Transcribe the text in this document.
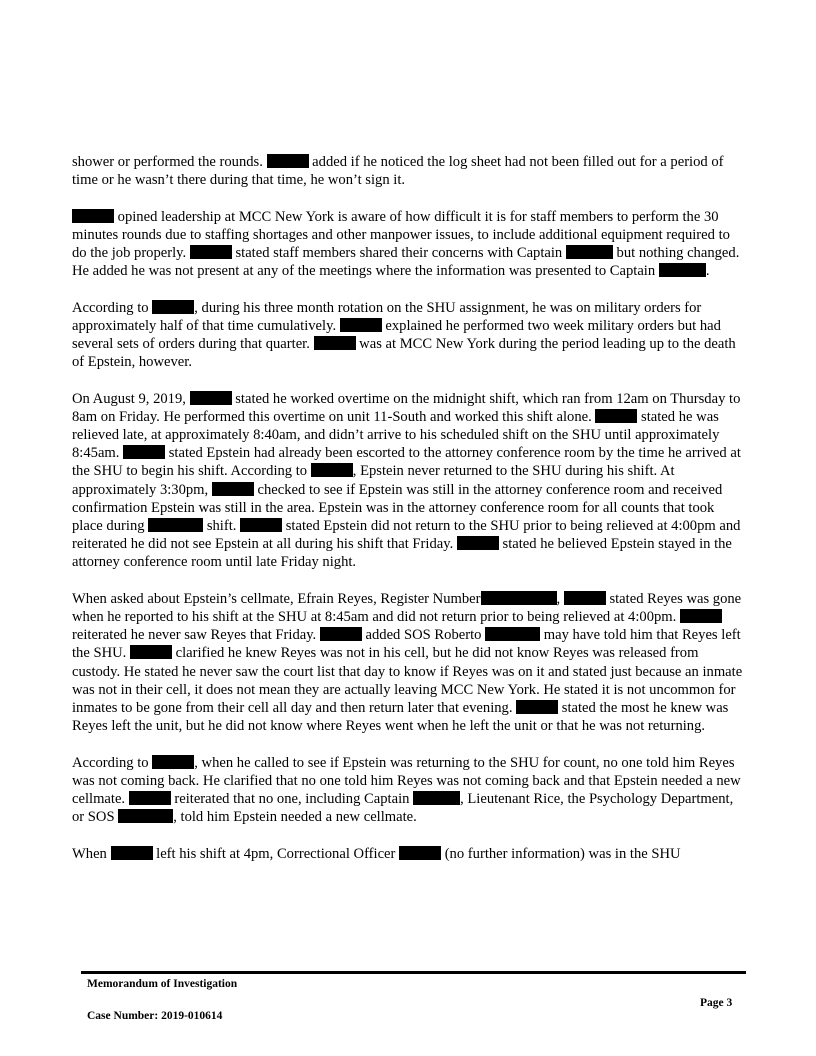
shower or performed the rounds.	added if he noticed the log sheet had not been filled out for a period of time or he wasn’t there during that time, he won’t sign it.

opined leadership at MCC New York is aware of how difficult it is for staff members to perform the 30 minutes rounds due to staffing shortages and other manpower issues, to include additional equipment required to do the job properly.	stated staff members shared their concerns with Captain	but nothing changed. He added he was not present at any of the meetings where the information was presented to Captain	.

According to	, during his three month rotation on the SHU assignment, he was on military orders for approximately half of that time cumulatively.	explained he performed two week military orders but had several sets of orders during that quarter.	was at MCC New York during the period leading up to the death of Epstein, however.

On August 9, 2019,	stated he worked overtime on the midnight shift, which ran from 12am on Thursday to 8am on Friday. He performed this overtime on unit 11-South and worked this shift alone.	stated he was relieved late, at approximately 8:40am, and didn’t arrive to his scheduled shift on the SHU until approximately 8:45am.	stated Epstein had already been escorted to the attorney conference room by the time he arrived at the SHU to begin his shift. According to	, Epstein never returned to the SHU during his shift. At approximately 3:30pm,	checked to see if Epstein was still in the attorney conference room and received confirmation Epstein was still in the area. Epstein was in the attorney conference room for all counts that took place during	shift.	stated Epstein did not return to the SHU prior to being relieved at 4:00pm and reiterated he did not see Epstein at all during his shift that Friday.	stated he believed Epstein stayed in the attorney conference room until late Friday night.

When asked about Epstein’s cellmate, Efrain Reyes, Register Number	,	stated Reyes was gone when he reported to his shift at the SHU at 8:45am and did not return prior to being relieved at 4:00pm.	reiterated he never saw Reyes that Friday.	added SOS Roberto	may have told him that Reyes left the SHU.	clarified he knew Reyes was not in his cell, but he did not know Reyes was released from custody. He stated he never saw the court list that day to know if Reyes was on it and stated just because an inmate was not in their cell, it does not mean they are actually leaving MCC New York. He stated it is not uncommon for inmates to be gone from their cell all day and then return later that evening.	stated the most he knew was Reyes left the unit, but he did not know where Reyes went when he left the unit or that he was not returning.

According to	, when he called to see if Epstein was returning to the SHU for count, no one told him Reyes was not coming back. He clarified that no one told him Reyes was not coming back and that Epstein needed a new cellmate.	reiterated that no one, including Captain	, Lieutenant Rice, the Psychology Department, or SOS	, told him Epstein needed a new cellmate.

When	left his shift at 4pm, Correctional Officer	(no further information) was in the SHU

Memorandum of Investigation
Page 3
Case Number: 2019-010614
